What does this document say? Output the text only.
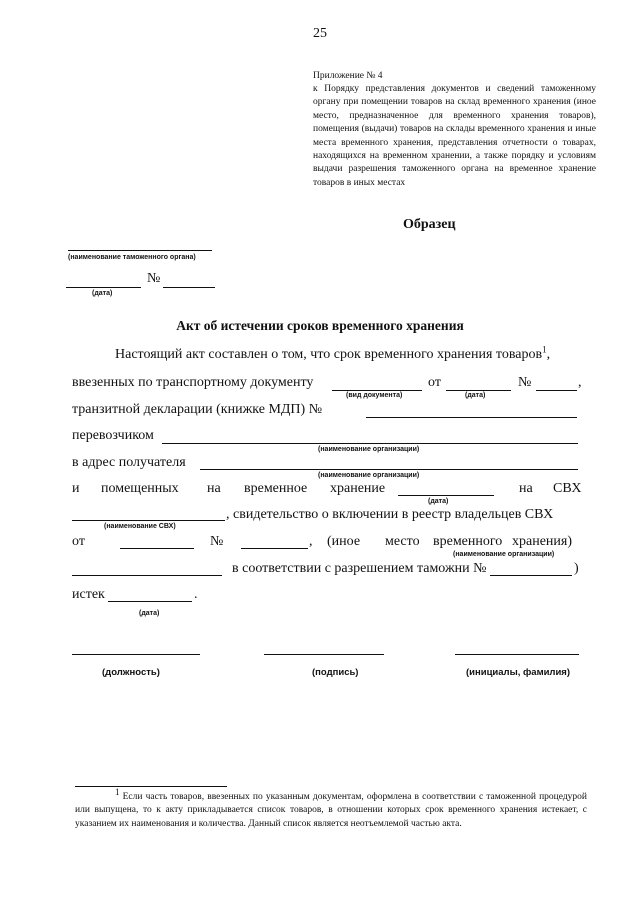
25
Приложение № 4
к Порядку представления документов и сведений таможенному органу при помещении товаров на склад временного хранения (иное место, предназначенное для временного хранения товаров), помещения (выдачи) товаров на склады временного хранения и иные места временного хранения, представления отчетности о товарах, находящихся на временном хранении, а также порядку и условиям выдачи разрешения таможенного органа на временное хранение товаров в иных местах
Образец
(наименование таможенного органа)
№
(дата)
Акт об истечении сроков временного хранения
Настоящий акт составлен о том, что срок временного хранения товаров$^1$,
ввезенных по транспортному документу	от	№	,
(вид документа)	(дата)
транзитной декларации (книжке МДП) №
перевозчиком
(наименование организации)
в адрес получателя
(наименование организации)
и помещенных на временное хранение	на СВХ
(дата)
, свидетельство о включении в реестр владельцев СВХ
(наименование СВХ)
от	№	, (иное место временного хранения)
(наименование организации)
в соответствии с разрешением таможни №	)
истек	.
(дата)
(должность)	(подпись)	(инициалы, фамилия)
1 Если часть товаров, ввезенных по указанным документам, оформлена в соответствии с таможенной процедурой или выпущена, то к акту прикладывается список товаров, в отношении которых срок временного хранения истекает, с указанием их наименования и количества. Данный список является неотъемлемой частью акта.
